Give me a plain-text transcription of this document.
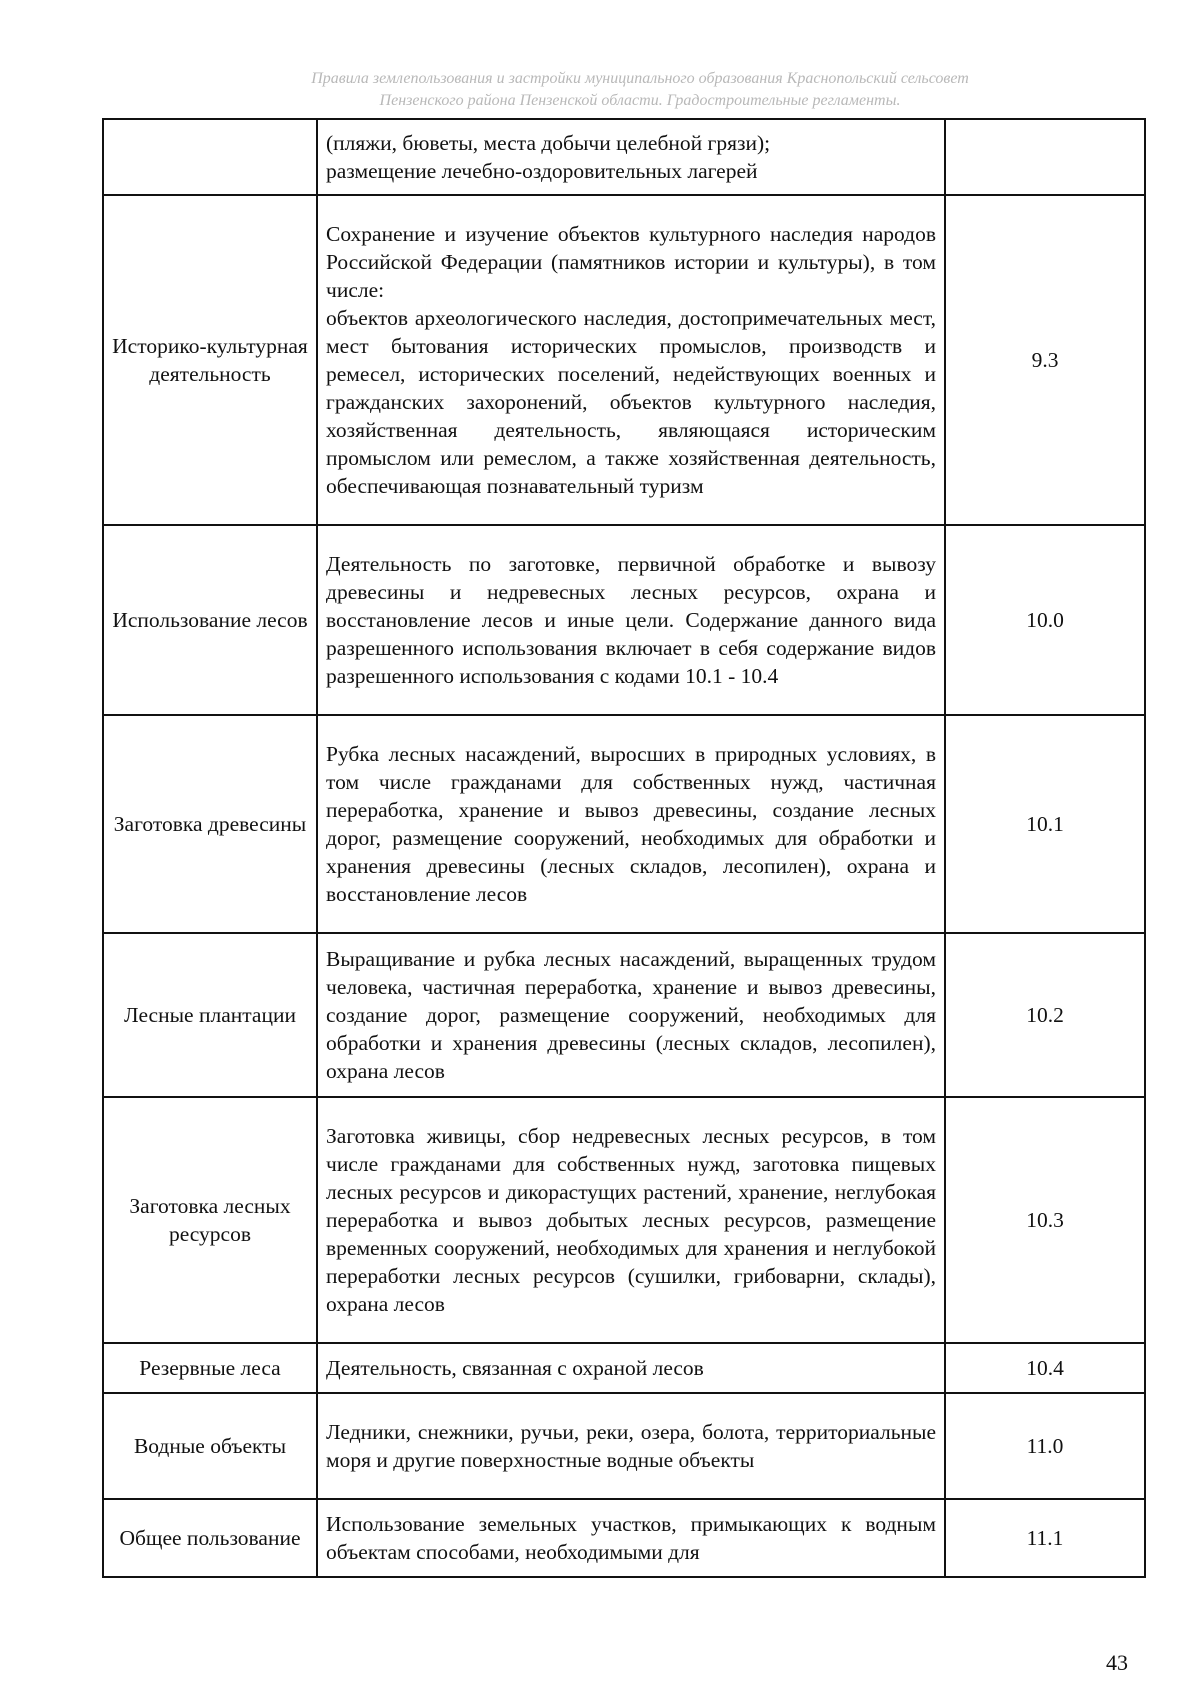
Правила землепользования и застройки муниципального образования Краснопольский сельсовет
Пензенского района Пензенской области. Градостроительные регламенты.
	(пляжи, бюветы, места добычи целебной грязи);
размещение лечебно-оздоровительных лагерей	
Историко-культурная деятельность	Сохранение и изучение объектов культурного наследия народов Российской Федерации (памятников истории и культуры), в том числе:
объектов археологического наследия, достопримечательных мест, мест бытования исторических промыслов, производств и ремесел, исторических поселений, недействующих военных и гражданских захоронений, объектов культурного наследия, хозяйственная деятельность, являющаяся историческим промыслом или ремеслом, а также хозяйственная деятельность, обеспечивающая познавательный туризм	9.3
Использование лесов	Деятельность по заготовке, первичной обработке и вывозу древесины и недревесных лесных ресурсов, охрана и восстановление лесов и иные цели. Содержание данного вида разрешенного использования включает в себя содержание видов разрешенного использования с кодами 10.1 - 10.4	10.0
Заготовка древесины	Рубка лесных насаждений, выросших в природных условиях, в том числе гражданами для собственных нужд, частичная переработка, хранение и вывоз древесины, создание лесных дорог, размещение сооружений, необходимых для обработки и хранения древесины (лесных складов, лесопилен), охрана и восстановление лесов	10.1
Лесные плантации	Выращивание и рубка лесных насаждений, выращенных трудом человека, частичная переработка, хранение и вывоз древесины, создание дорог, размещение сооружений, необходимых для обработки и хранения древесины (лесных складов, лесопилен), охрана лесов	10.2
Заготовка лесных ресурсов	Заготовка живицы, сбор недревесных лесных ресурсов, в том числе гражданами для собственных нужд, заготовка пищевых лесных ресурсов и дикорастущих растений, хранение, неглубокая переработка и вывоз добытых лесных ресурсов, размещение временных сооружений, необходимых для хранения и неглубокой переработки лесных ресурсов (сушилки, грибоварни, склады), охрана лесов	10.3
Резервные леса	Деятельность, связанная с охраной лесов	10.4
Водные объекты	Ледники, снежники, ручьи, реки, озера, болота, территориальные моря и другие поверхностные водные объекты	11.0
Общее пользование	Использование земельных участков, примыкающих к водным объектам способами, необходимыми для	11.1
43
